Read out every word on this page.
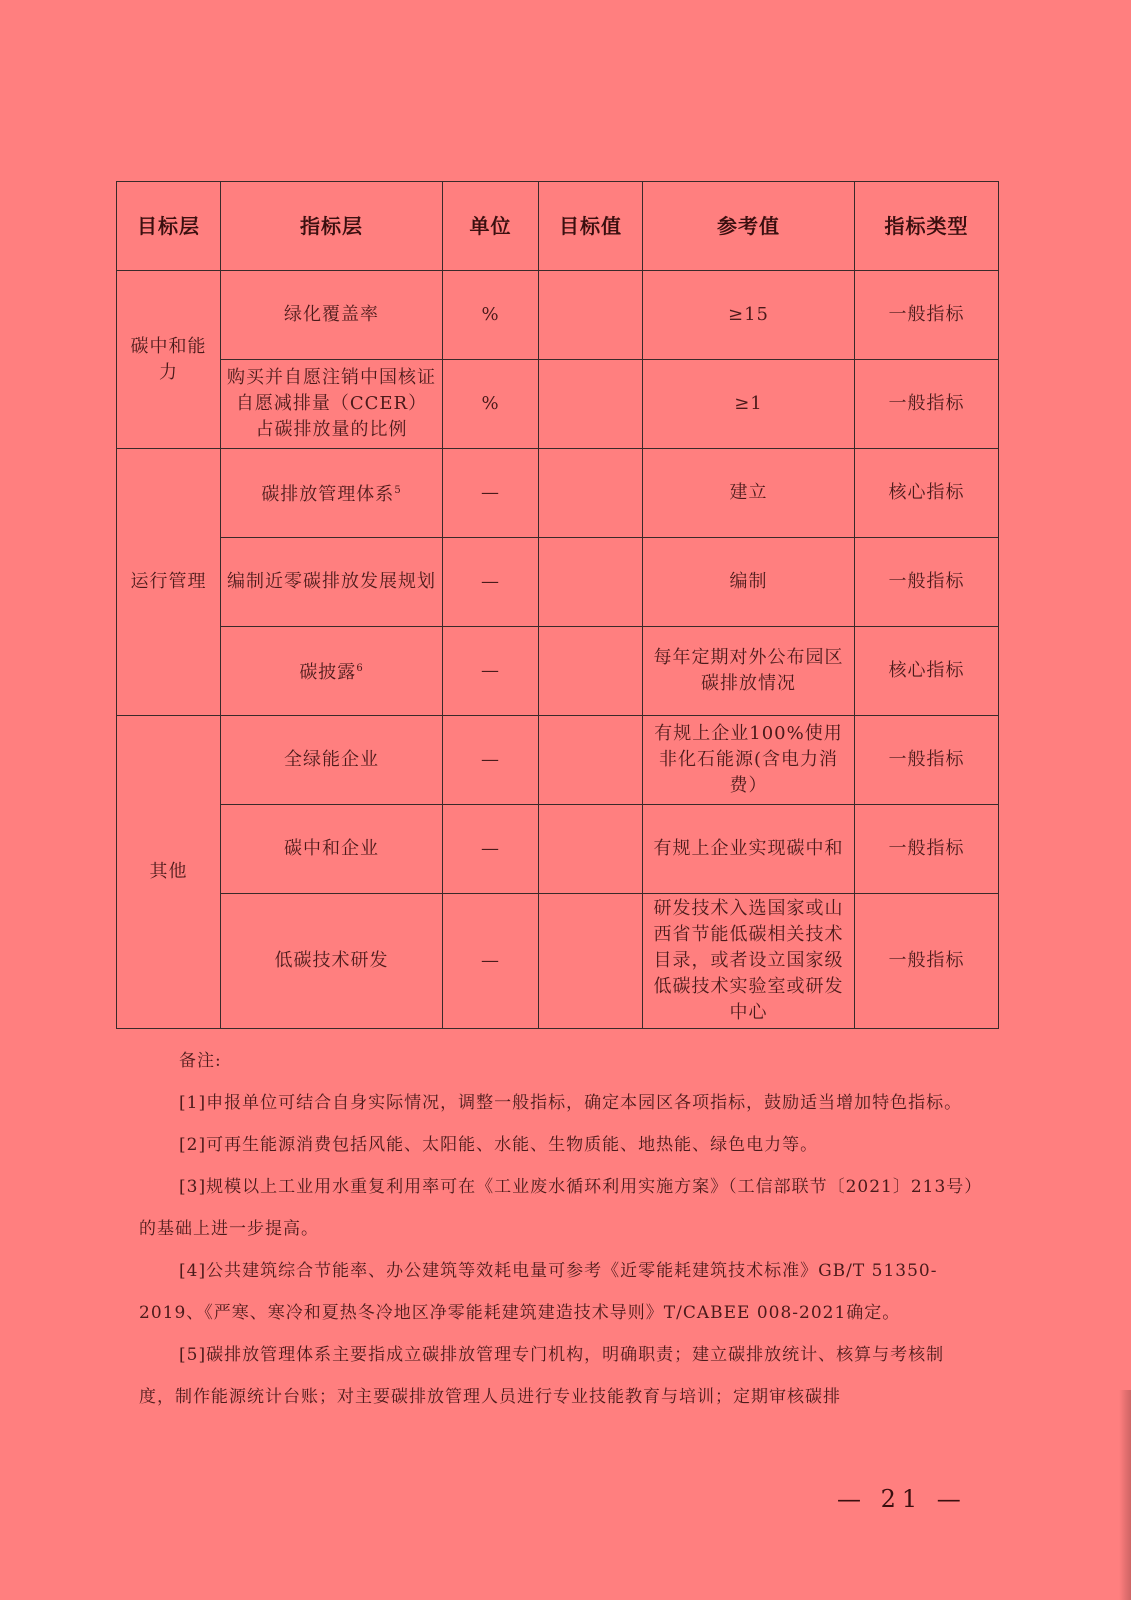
目标层	指标层	单位	目标值	参考值	指标类型
碳中和能力	绿化覆盖率	%		≥15	一般指标
	购买并自愿注销中国核证自愿减排量（CCER）占碳排放量的比例	%		≥1	一般指标
运行管理	碳排放管理体系$^5$	—		建立	核心指标
	编制近零碳排放发展规划	—		编制	一般指标
	碳披露$^6$	—		每年定期对外公布园区碳排放情况	核心指标
其他	全绿能企业	—		有规上企业100%使用非化石能源(含电力消费）	一般指标
	碳中和企业	—		有规上企业实现碳中和	一般指标
	低碳技术研发	—		研发技术入选国家或山西省节能低碳相关技术目录，或者设立国家级低碳技术实验室或研发中心	一般指标

备注:

[1]申报单位可结合自身实际情况，调整一般指标，确定本园区各项指标，鼓励适当增加特色指标。

[2]可再生能源消费包括风能、太阳能、水能、生物质能、地热能、绿色电力等。

[3]规模以上工业用水重复利用率可在《工业废水循环利用实施方案》（工信部联节〔2021〕213号）的基础上进一步提高。

[4]公共建筑综合节能率、办公建筑等效耗电量可参考《近零能耗建筑技术标准》GB/T 51350-2019、《严寒、寒冷和夏热冬冷地区净零能耗建筑建造技术导则》T/CABEE 008-2021确定。

[5]碳排放管理体系主要指成立碳排放管理专门机构，明确职责；建立碳排放统计、核算与考核制度，制作能源统计台账；对主要碳排放管理人员进行专业技能教育与培训；定期审核碳排

— 21 —
